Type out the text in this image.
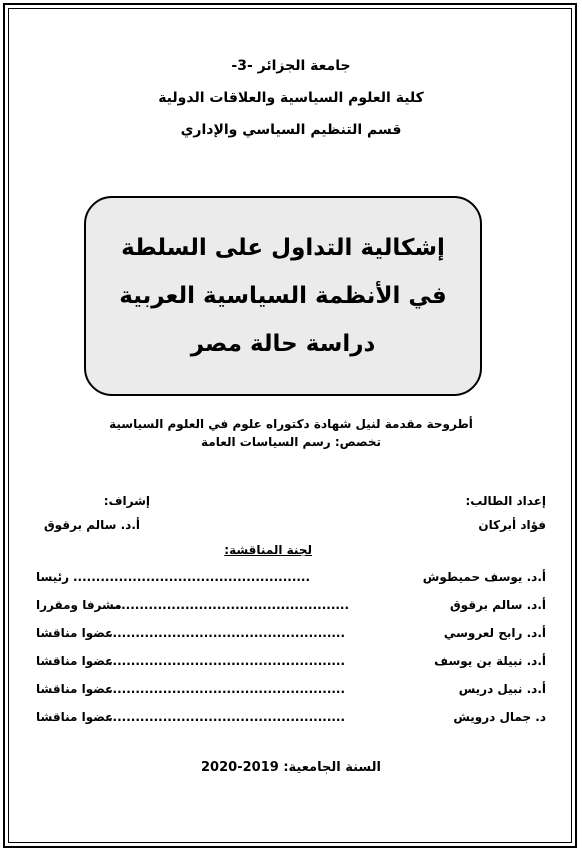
جامعة الجزائر -3-
كلية العلوم السياسية والعلاقات الدولية
قسم التنظيم السياسي والإداري
إشكالية التداول على السلطة
في الأنظمة السياسية العربية
دراسة حالة مصر
أطروحة مقدمة لنيل شهادة دكتوراه علوم في العلوم السياسية
تخصص: رسم السياسات العامة
إعداد الطالب:
فؤاد أبركان
إشراف:
أ.د. سالم برقوق
لجنة المناقشة:
أ.د. يوسف حميطوش
....................................................
رئيسا
أ.د. سالم برقوق
....................................................
مشرفا ومقررا
أ.د. رابح لعروسي
....................................................
عضوا مناقشا
أ.د. نبيلة بن يوسف
....................................................
عضوا مناقشا
أ.د. نبيل دريس
....................................................
عضوا مناقشا
د. جمال درويش
....................................................
عضوا مناقشا
السنة الجامعية: 2019-2020
